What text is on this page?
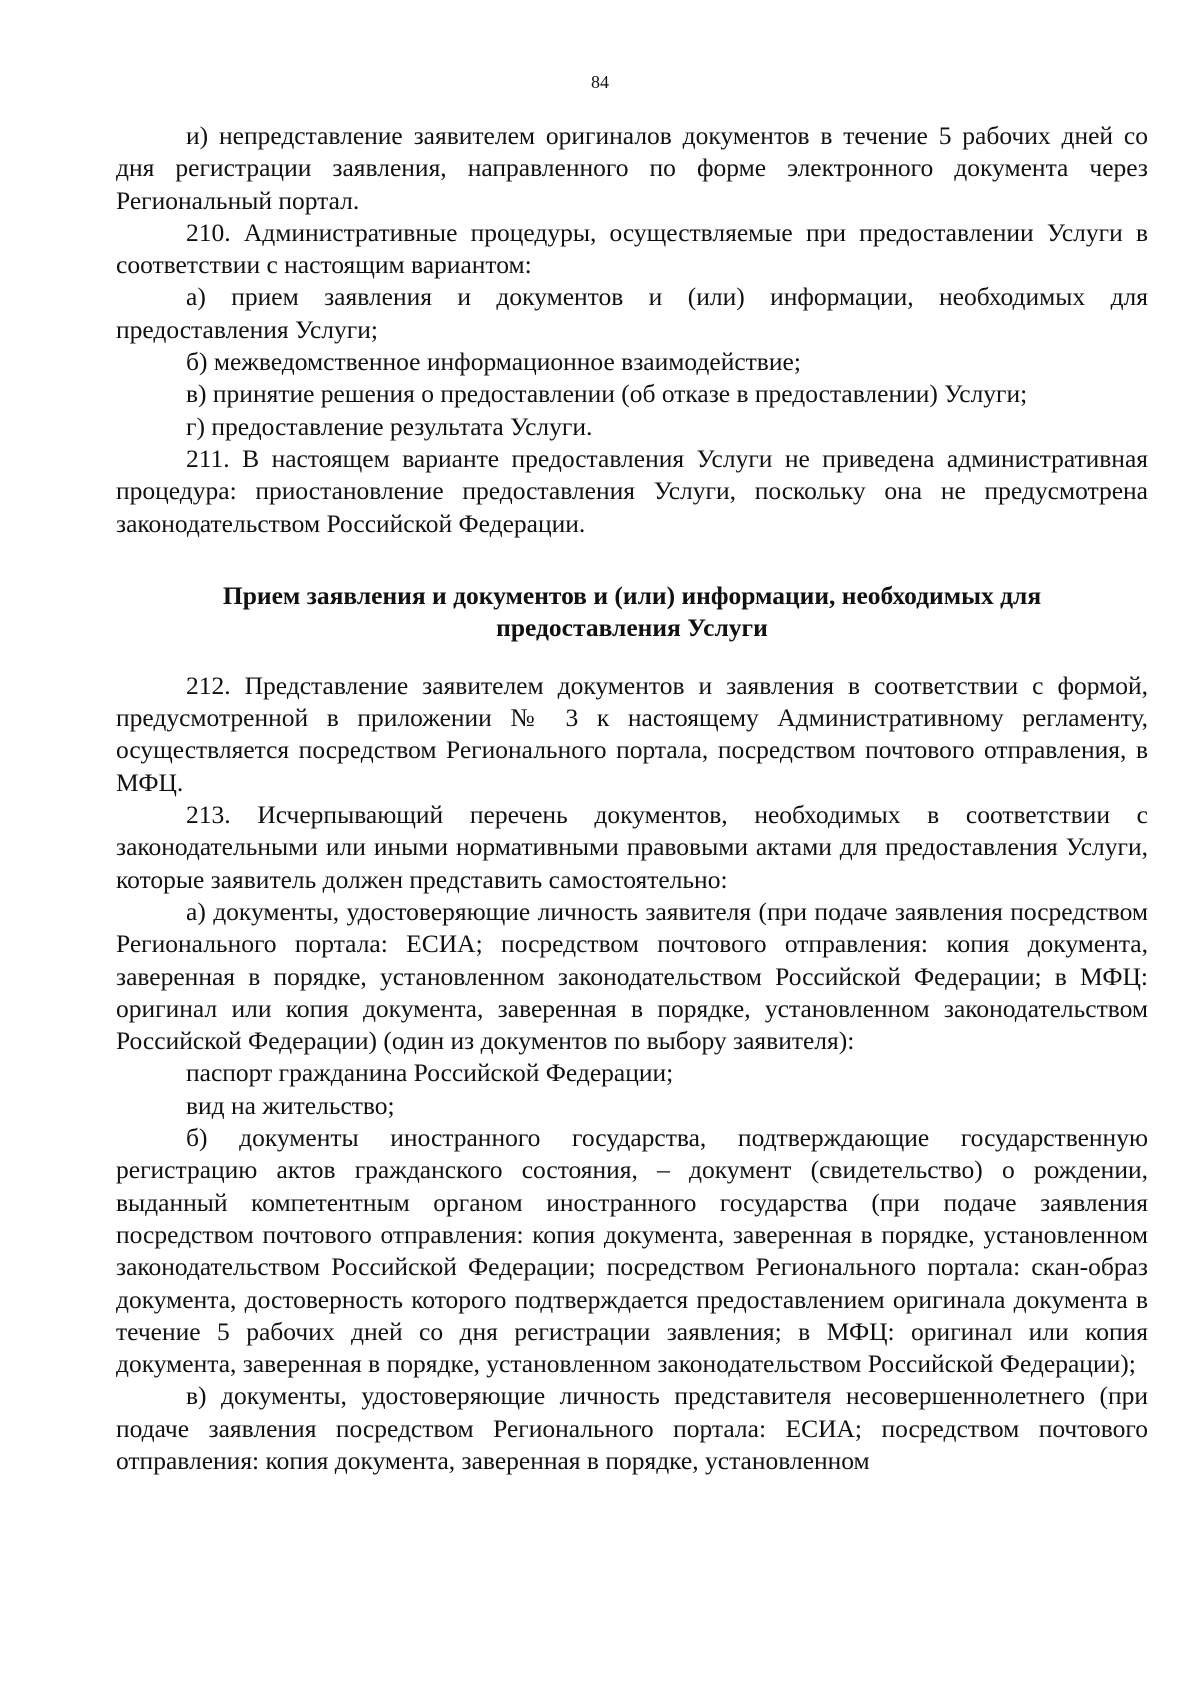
84

и) непредставление заявителем оригиналов документов в течение 5 рабочих дней со дня регистрации заявления, направленного по форме электронного документа через Региональный портал.

210. Административные процедуры, осуществляемые при предоставлении Услуги в соответствии с настоящим вариантом:

а) прием заявления и документов и (или) информации, необходимых для предоставления Услуги;

б) межведомственное информационное взаимодействие;

в) принятие решения о предоставлении (об отказе в предоставлении) Услуги;

г) предоставление результата Услуги.

211. В настоящем варианте предоставления Услуги не приведена административная процедура: приостановление предоставления Услуги, поскольку она не предусмотрена законодательством Российской Федерации.

Прием заявления и документов и (или) информации, необходимых для предоставления Услуги

212. Представление заявителем документов и заявления в соответствии с формой, предусмотренной в приложении № 3 к настоящему Административному регламенту, осуществляется посредством Регионального портала, посредством почтового отправления, в МФЦ.

213. Исчерпывающий перечень документов, необходимых в соответствии с законодательными или иными нормативными правовыми актами для предоставления Услуги, которые заявитель должен представить самостоятельно:

а) документы, удостоверяющие личность заявителя (при подаче заявления посредством Регионального портала: ЕСИА; посредством почтового отправления: копия документа, заверенная в порядке, установленном законодательством Российской Федерации; в МФЦ: оригинал или копия документа, заверенная в порядке, установленном законодательством Российской Федерации) (один из документов по выбору заявителя):

паспорт гражданина Российской Федерации;

вид на жительство;

б) документы иностранного государства, подтверждающие государственную регистрацию актов гражданского состояния, – документ (свидетельство) о рождении, выданный компетентным органом иностранного государства (при подаче заявления посредством почтового отправления: копия документа, заверенная в порядке, установленном законодательством Российской Федерации; посредством Регионального портала: скан-образ документа, достоверность которого подтверждается предоставлением оригинала документа в течение 5 рабочих дней со дня регистрации заявления; в МФЦ: оригинал или копия документа, заверенная в порядке, установленном законодательством Российской Федерации);

в) документы, удостоверяющие личность представителя несовершеннолетнего (при подаче заявления посредством Регионального портала: ЕСИА; посредством почтового отправления: копия документа, заверенная в порядке, установленном
